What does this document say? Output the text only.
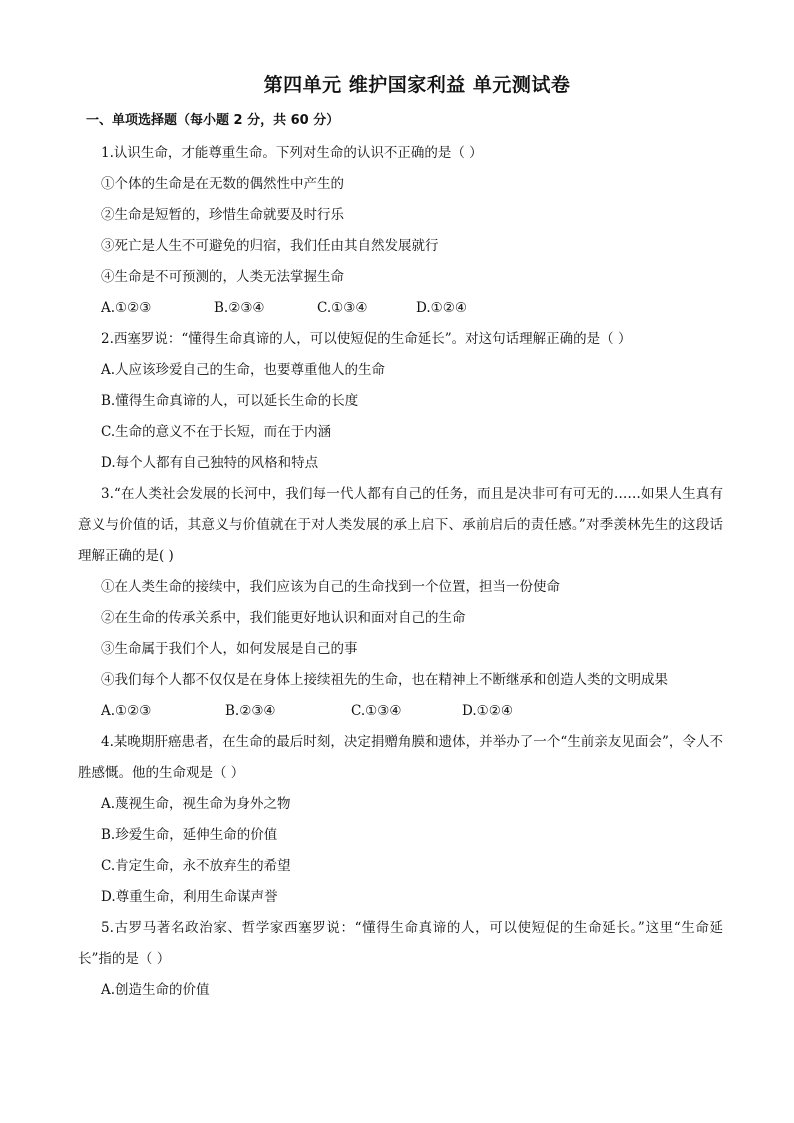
第四单元 维护国家利益 单元测试卷
一、单项选择题（每小题 2 分，共 60 分）
1.认识生命，才能尊重生命。下列对生命的认识不正确的是（ ）
①个体的生命是在无数的偶然性中产生的
②生命是短暂的，珍惜生命就要及时行乐
③死亡是人生不可避免的归宿，我们任由其自然发展就行
④生命是不可预测的，人类无法掌握生命
A.①②③	B.②③④	C.①③④	D.①②④
2.西塞罗说：“懂得生命真谛的人，可以使短促的生命延长”。对这句话理解正确的是（ ）
A.人应该珍爱自己的生命，也要尊重他人的生命
B.懂得生命真谛的人，可以延长生命的长度
C.生命的意义不在于长短，而在于内涵
D.每个人都有自己独特的风格和特点
3.“在人类社会发展的长河中，我们每一代人都有自己的任务，而且是决非可有可无的……如果人生真有意义与价值的话，其意义与价值就在于对人类发展的承上启下、承前启后的责任感。”对季羡林先生的这段话理解正确的是( )
①在人类生命的接续中，我们应该为自己的生命找到一个位置，担当一份使命
②在生命的传承关系中，我们能更好地认识和面对自己的生命
③生命属于我们个人，如何发展是自己的事
④我们每个人都不仅仅是在身体上接续祖先的生命，也在精神上不断继承和创造人类的文明成果
A.①②③	B.②③④	C.①③④	D.①②④
4.某晚期肝癌患者，在生命的最后时刻，决定捐赠角膜和遗体，并举办了一个“生前亲友见面会”，令人不胜感慨。他的生命观是（ ）
A.蔑视生命，视生命为身外之物
B.珍爱生命，延伸生命的价值
C.肯定生命，永不放弃生的希望
D.尊重生命，利用生命谋声誉
5.古罗马著名政治家、哲学家西塞罗说：“懂得生命真谛的人，可以使短促的生命延长。”这里“生命延长”指的是（ ）
A.创造生命的价值
